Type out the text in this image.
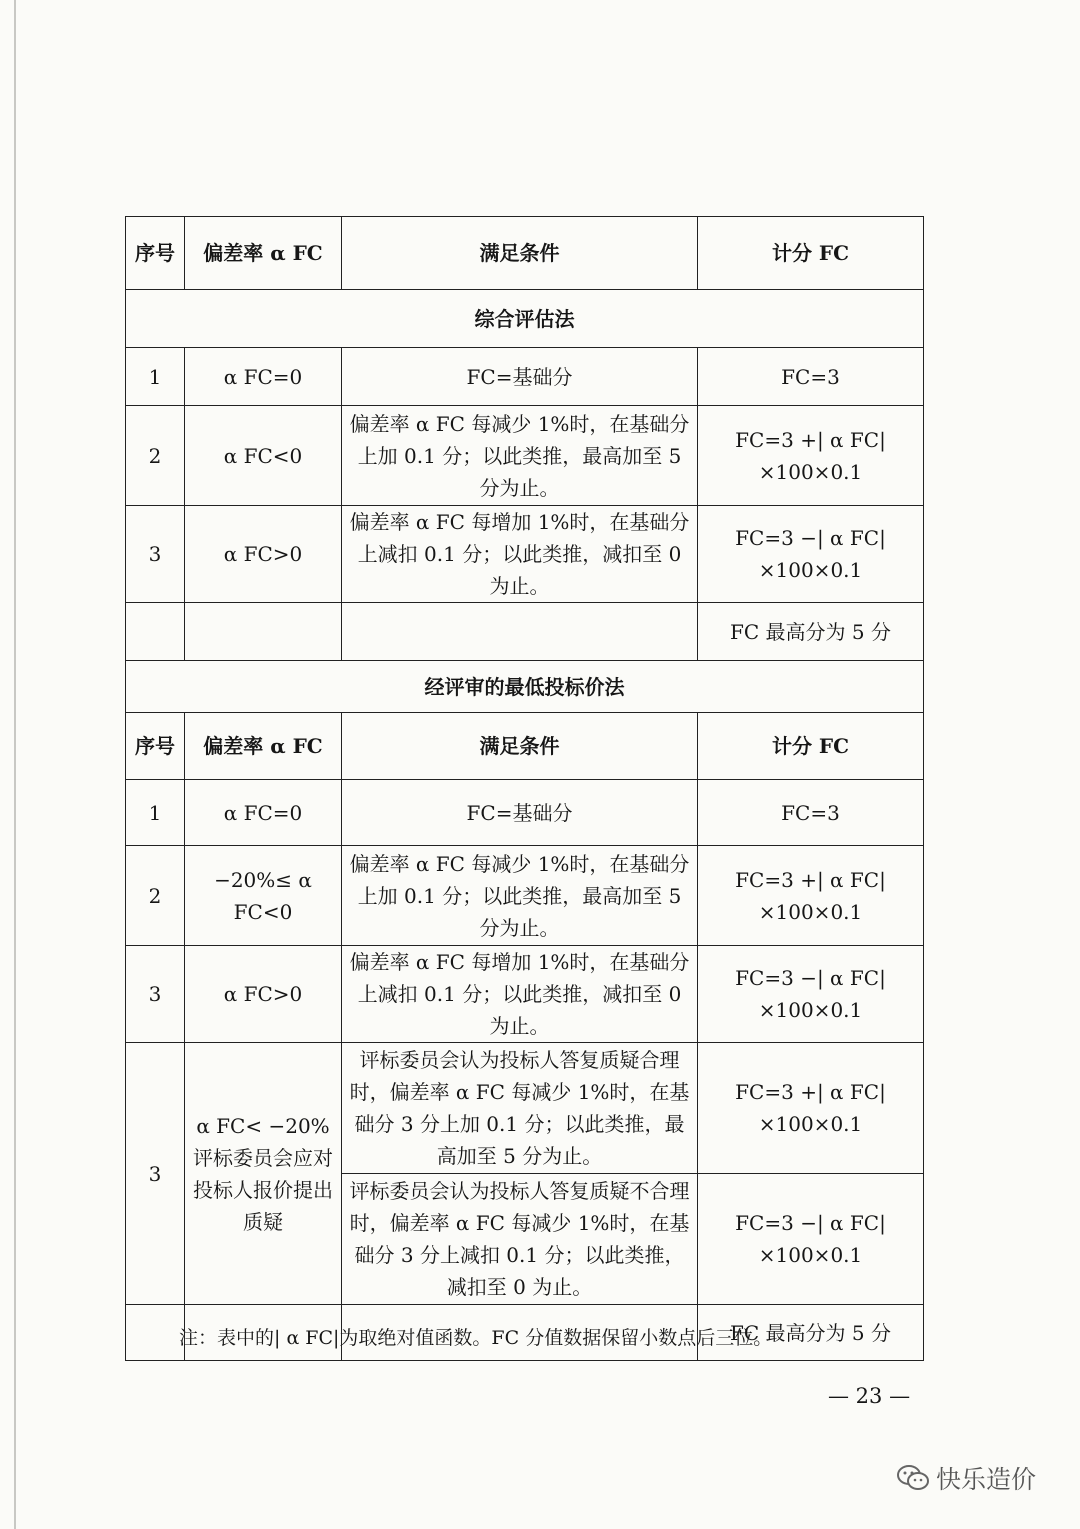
序号	偏差率 α FC	满足条件	计分 FC
综合评估法			
1	α FC=0	FC=基础分	FC=3
2	α FC<0	偏差率 α FC 每减少 1%时，在基础分上加 0.1 分；以此类推，最高加至 5 分为止。	FC=3 +| α FC|×100×0.1
3	α FC>0	偏差率 α FC 每增加 1%时，在基础分上减扣 0.1 分；以此类推，减扣至 0 为止。	FC=3 −| α FC|×100×0.1
			FC 最高分为 5 分
经评审的最低投标价法			
序号	偏差率 α FC	满足条件	计分 FC
1	α FC=0	FC=基础分	FC=3
2	−20%≤ α FC<0	偏差率 α FC 每减少 1%时，在基础分上加 0.1 分；以此类推，最高加至 5 分为止。	FC=3 +| α FC|×100×0.1
3	α FC>0	偏差率 α FC 每增加 1%时，在基础分上减扣 0.1 分；以此类推，减扣至 0 为止。	FC=3 −| α FC|×100×0.1
3	α FC< −20% 评标委员会应对投标人报价提出质疑	评标委员会认为投标人答复质疑合理时，偏差率 α FC 每减少 1%时，在基础分 3 分上加 0.1 分；以此类推，最高加至 5 分为止。	FC=3 +| α FC|×100×0.1
		评标委员会认为投标人答复质疑不合理时，偏差率 α FC 每减少 1%时，在基础分 3 分上减扣 0.1 分；以此类推，减扣至 0 为止。	FC=3 −| α FC|×100×0.1
			FC 最高分为 5 分
注：表中的| α FC|为取绝对值函数。FC 分值数据保留小数点后三位。
— 23 —
快乐造价
